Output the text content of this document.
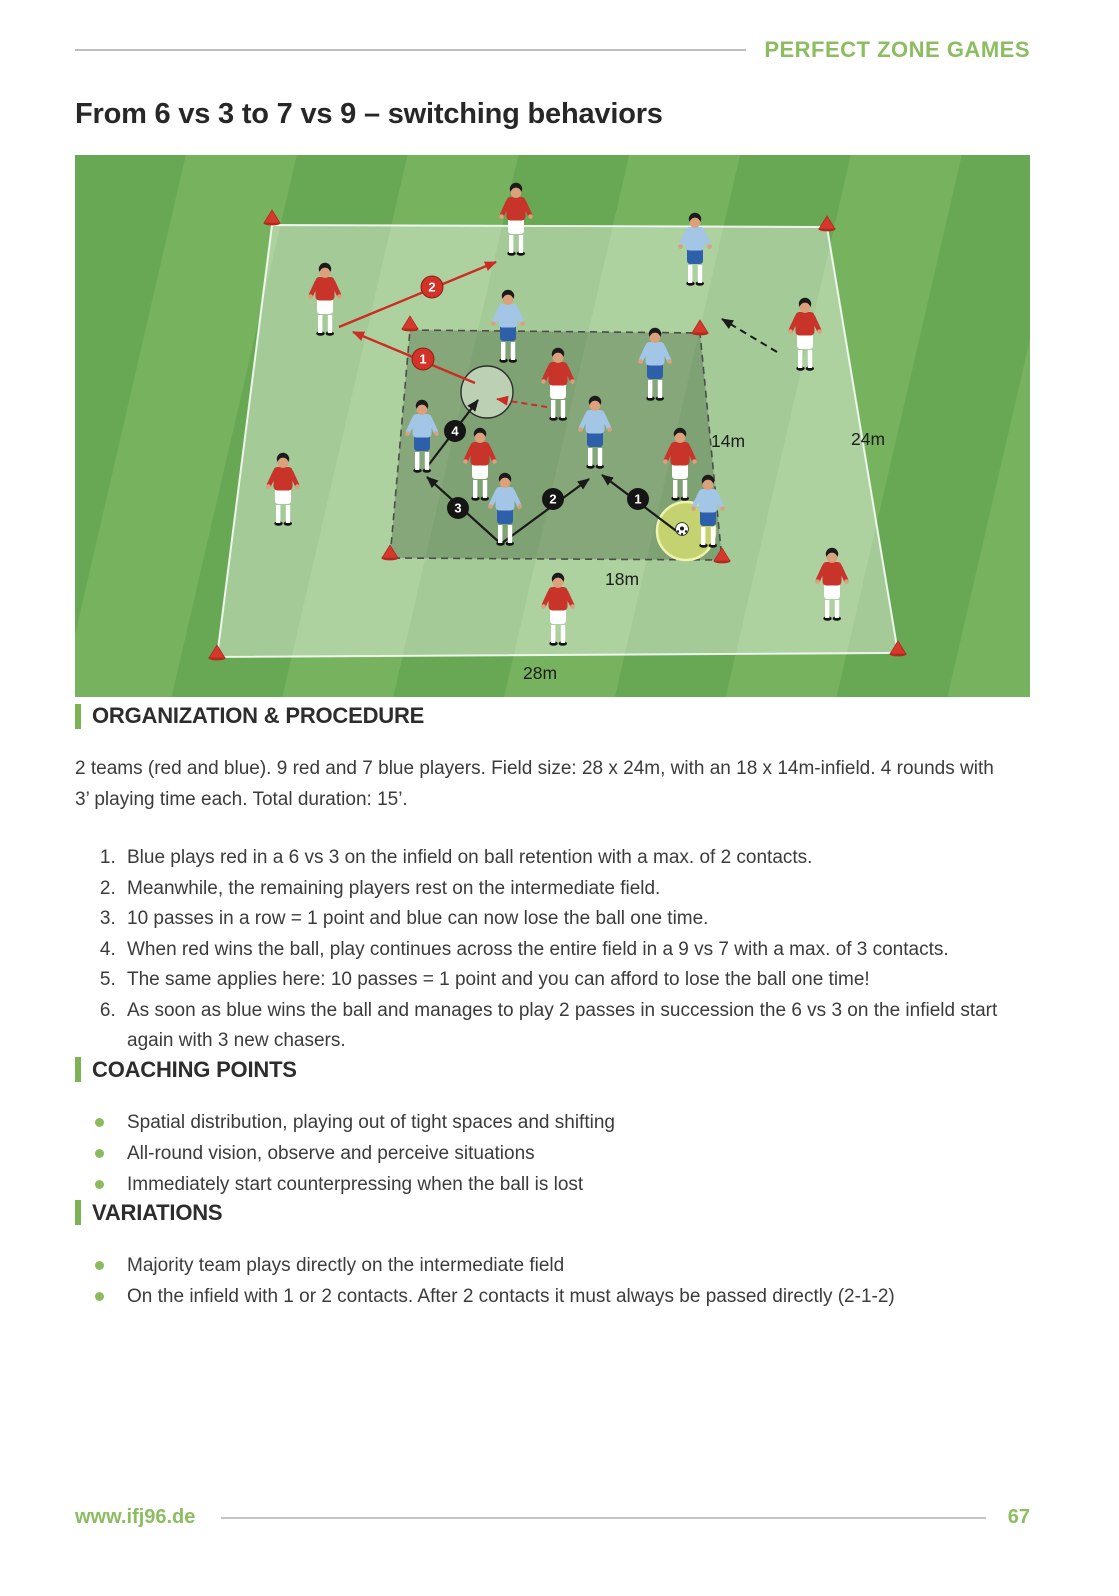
PERFECT ZONE GAMES
From 6 vs 3 to 7 vs 9 – switching behaviors
1
2
3
4
1
2
14m	24m
18m
28m
ORGANIZATION & PROCEDURE

2 teams (red and blue). 9 red and 7 blue players. Field size: 28 x 24m, with an 18 x 14m-infield. 4 rounds with 3’ playing time each. Total duration: 15’.

1. Blue plays red in a 6 vs 3 on the infield on ball retention with a max. of 2 contacts.
2. Meanwhile, the remaining players rest on the intermediate field.
3. 10 passes in a row = 1 point and blue can now lose the ball one time.
4. When red wins the ball, play continues across the entire field in a 9 vs 7 with a max. of 3 contacts.
5. The same applies here: 10 passes = 1 point and you can afford to lose the ball one time!
6. As soon as blue wins the ball and manages to play 2 passes in succession the 6 vs 3 on the infield start again with 3 new chasers.
COACHING POINTS
Spatial distribution, playing out of tight spaces and shifting
All-round vision, observe and perceive situations
Immediately start counterpressing when the ball is lost
VARIATIONS
Majority team plays directly on the intermediate field
On the infield with 1 or 2 contacts. After 2 contacts it must always be passed directly (2-1-2)
www.ifj96.de	67
